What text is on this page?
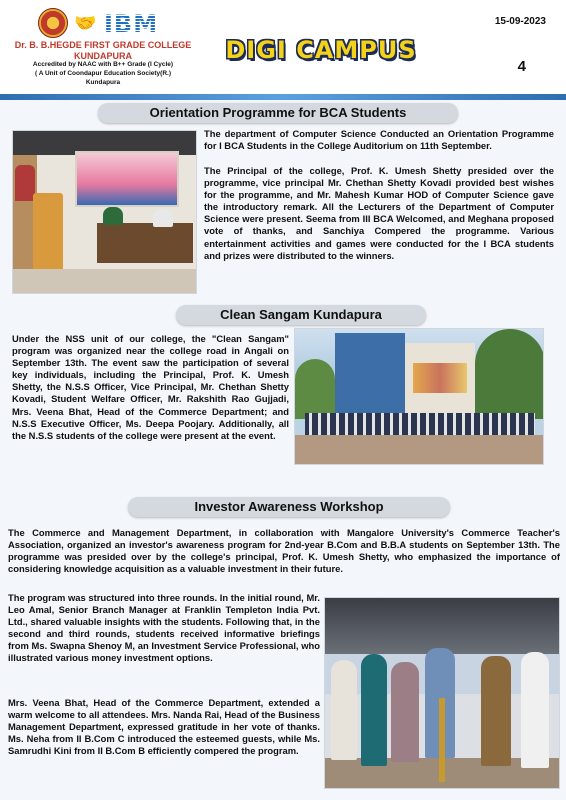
🤝 IBM
Dr. B. B.HEGDE FIRST GRADE COLLEGE
KUNDAPURA
Accredited by NAAC with B++ Grade (I Cycle)
( A Unit of Coondapur Education Society(R.)
Kundapura
DIGI CAMPUS
15-09-2023
4
Orientation Programme for BCA Students
The department of Computer Science Conducted an Orientation Programme for I BCA Students in the College Auditorium on 11th September.
The Principal of the college, Prof. K. Umesh Shetty presided over the programme, vice principal Mr. Chethan Shetty Kovadi provided best wishes for the programme, and Mr. Mahesh Kumar HOD of Computer Science gave the introductory remark. All the Lecturers of the Department of Computer Science were present. Seema from III BCA Welcomed, and Meghana proposed vote of thanks, and Sanchiya Compered the programme. Various entertainment activities and games were conducted for the I BCA students and prizes were distributed to the winners.
Clean Sangam Kundapura
Under the NSS unit of our college, the "Clean Sangam" program was organized near the college road in Angali on September 13th. The event saw the participation of several key individuals, including the Principal, Prof. K. Umesh Shetty, the N.S.S Officer, Vice Principal, Mr. Chethan Shetty Kovadi, Student Welfare Officer, Mr. Rakshith Rao Gujjadi, Mrs. Veena Bhat, Head of the Commerce Department; and N.S.S Executive Officer, Ms. Deepa Poojary. Additionally, all the N.S.S students of the college were present at the event.
Investor Awareness Workshop
The Commerce and Management Department, in collaboration with Mangalore University's Commerce Teacher's Association, organized an investor's awareness program for 2nd-year B.Com and B.B.A students on September 13th. The programme was presided over by the college's principal, Prof. K. Umesh Shetty, who emphasized the importance of considering knowledge acquisition as a valuable investment in their future.
The program was structured into three rounds. In the initial round, Mr. Leo Amal, Senior Branch Manager at Franklin Templeton India Pvt. Ltd., shared valuable insights with the students. Following that, in the second and third rounds, students received informative briefings from Ms. Swapna Shenoy M, an Investment Service Professional, who illustrated various money investment options.
Mrs. Veena Bhat, Head of the Commerce Department, extended a warm welcome to all attendees. Mrs. Nanda Rai, Head of the Business Management Department, expressed gratitude in her vote of thanks. Ms. Neha from II B.Com C introduced the esteemed guests, while Ms. Samrudhi Kini from II B.Com B efficiently compered the program.
